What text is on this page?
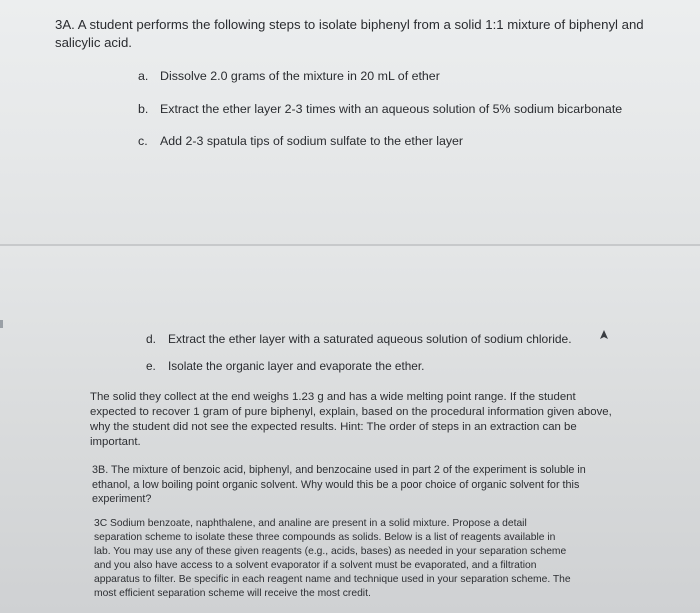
3A. A student performs the following steps to isolate biphenyl from a solid 1:1 mixture of biphenyl and
salicylic acid.
a. Dissolve 2.0 grams of the mixture in 20 mL of ether
b. Extract the ether layer 2-3 times with an aqueous solution of 5% sodium bicarbonate
c. Add 2-3 spatula tips of sodium sulfate to the ether layer
d. Extract the ether layer with a saturated aqueous solution of sodium chloride.
e. Isolate the organic layer and evaporate the ether.
The solid they collect at the end weighs 1.23 g and has a wide melting point range. If the student
expected to recover 1 gram of pure biphenyl, explain, based on the procedural information given above,
why the student did not see the expected results. Hint: The order of steps in an extraction can be
important.
3B. The mixture of benzoic acid, biphenyl, and benzocaine used in part 2 of the experiment is soluble in
ethanol, a low boiling point organic solvent. Why would this be a poor choice of organic solvent for this
experiment?
3C Sodium benzoate, naphthalene, and analine are present in a solid mixture. Propose a detail
separation scheme to isolate these three compounds as solids. Below is a list of reagents available in
lab. You may use any of these given reagents (e.g., acids, bases) as needed in your separation scheme
and you also have access to a solvent evaporator if a solvent must be evaporated, and a filtration
apparatus to filter. Be specific in each reagent name and technique used in your separation scheme. The
most efficient separation scheme will receive the most credit.
